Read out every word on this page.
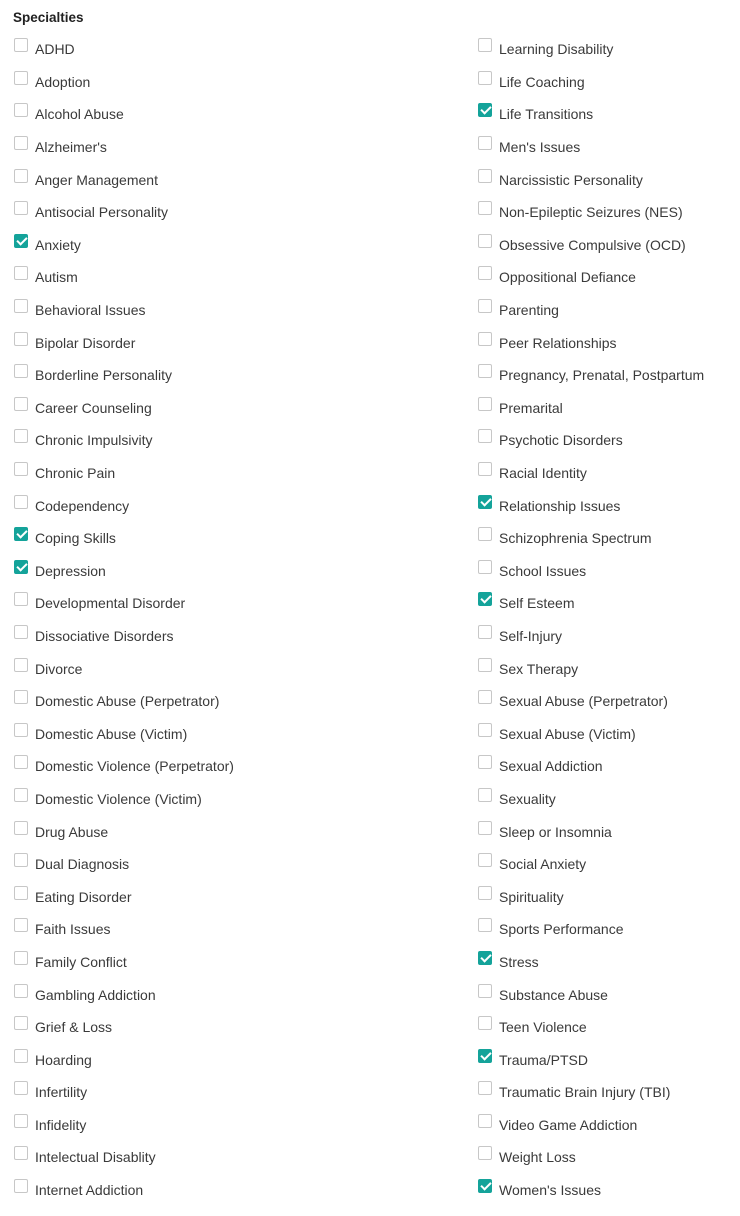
Specialties
ADHD
Adoption
Alcohol Abuse
Alzheimer's
Anger Management
Antisocial Personality
Anxiety
Autism
Behavioral Issues
Bipolar Disorder
Borderline Personality
Career Counseling
Chronic Impulsivity
Chronic Pain
Codependency
Coping Skills
Depression
Developmental Disorder
Dissociative Disorders
Divorce
Domestic Abuse (Perpetrator)
Domestic Abuse (Victim)
Domestic Violence (Perpetrator)
Domestic Violence (Victim)
Drug Abuse
Dual Diagnosis
Eating Disorder
Faith Issues
Family Conflict
Gambling Addiction
Grief & Loss
Hoarding
Infertility
Infidelity
Intelectual Disablity
Internet Addiction
Learning Disability
Life Coaching
Life Transitions
Men's Issues
Narcissistic Personality
Non-Epileptic Seizures (NES)
Obsessive Compulsive (OCD)
Oppositional Defiance
Parenting
Peer Relationships
Pregnancy, Prenatal, Postpartum
Premarital
Psychotic Disorders
Racial Identity
Relationship Issues
Schizophrenia Spectrum
School Issues
Self Esteem
Self-Injury
Sex Therapy
Sexual Abuse (Perpetrator)
Sexual Abuse (Victim)
Sexual Addiction
Sexuality
Sleep or Insomnia
Social Anxiety
Spirituality
Sports Performance
Stress
Substance Abuse
Teen Violence
Trauma/PTSD
Traumatic Brain Injury (TBI)
Video Game Addiction
Weight Loss
Women's Issues
